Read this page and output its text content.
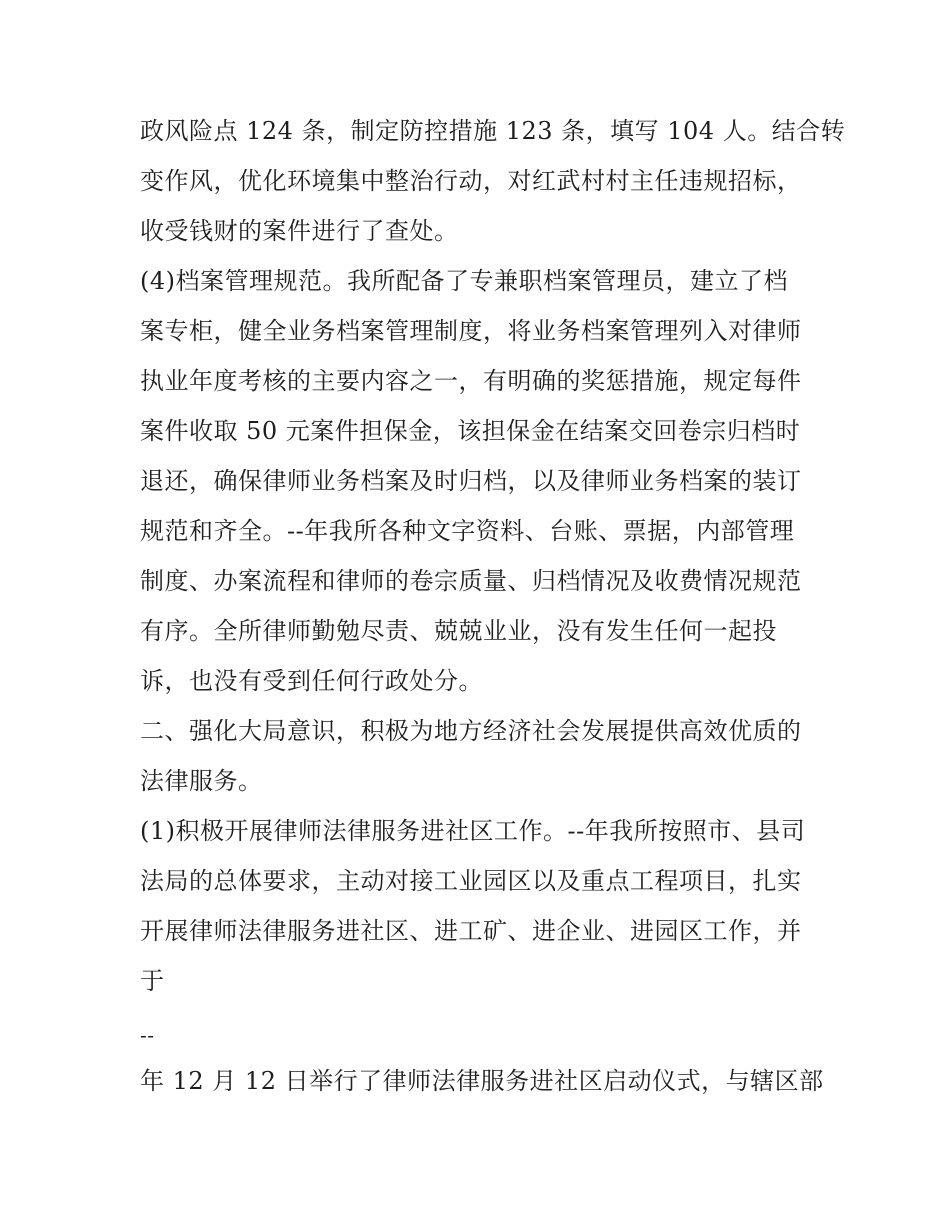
政风险点 124 条，制定防控措施 123 条，填写 104 人。结合转
变作风，优化环境集中整治行动，对红武村村主任违规招标，
收受钱财的案件进行了查处。
(4)档案管理规范。我所配备了专兼职档案管理员，建立了档
案专柜，健全业务档案管理制度，将业务档案管理列入对律师
执业年度考核的主要内容之一，有明确的奖惩措施，规定每件
案件收取 50 元案件担保金，该担保金在结案交回卷宗归档时
退还，确保律师业务档案及时归档，以及律师业务档案的装订
规范和齐全。--年我所各种文字资料、台账、票据，内部管理
制度、办案流程和律师的卷宗质量、归档情况及收费情况规范
有序。全所律师勤勉尽责、兢兢业业，没有发生任何一起投
诉，也没有受到任何行政处分。
二、强化大局意识，积极为地方经济社会发展提供高效优质的
法律服务。
(1)积极开展律师法律服务进社区工作。--年我所按照市、县司
法局的总体要求，主动对接工业园区以及重点工程项目，扎实
开展律师法律服务进社区、进工矿、进企业、进园区工作，并
于
--
年 12 月 12 日举行了律师法律服务进社区启动仪式，与辖区部
